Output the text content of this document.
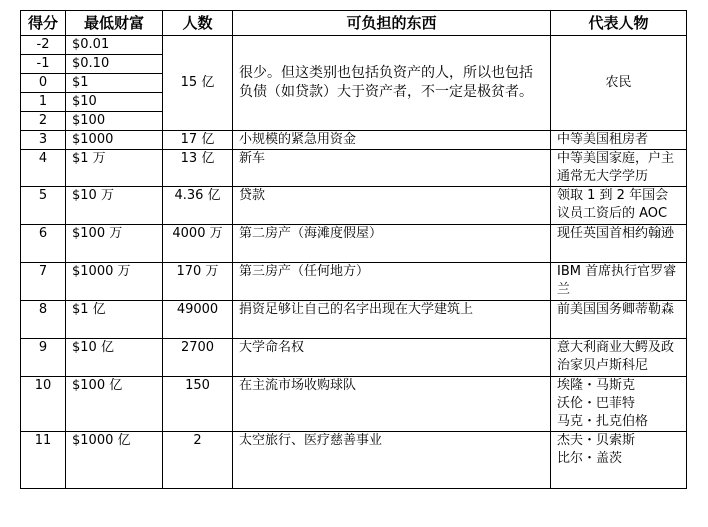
得分	最低财富	人数	可负担的东西	代表人物
-2	$0.01	15 亿	很少。但这类别也包括负资产的人，所以也包括负债（如贷款）大于资产者，不一定是极贫者。	农民
-1	$0.10			
0	$1			
1	$10			
2	$100			
3	$1000	17 亿	小规模的紧急用资金	中等美国租房者
4	$1 万	13 亿	新车	中等美国家庭，户主通常无大学学历
5	$10 万	4.36 亿	贷款	领取 1 到 2 年国会议员工资后的 AOC
6	$100 万	4000 万	第二房产（海滩度假屋）	现任英国首相约翰逊
7	$1000 万	170 万	第三房产（任何地方）	IBM 首席执行官罗睿兰
8	$1 亿	49000	捐资足够让自己的名字出现在大学建筑上	前美国国务卿蒂勒森
9	$10 亿	2700	大学命名权	意大利商业大鳄及政治家贝卢斯科尼
10	$100 亿	150	在主流市场收购球队	埃隆・马斯克
沃伦・巴菲特
马克・扎克伯格
11	$1000 亿	2	太空旅行、医疗慈善事业	杰夫・贝索斯
比尔・盖茨
